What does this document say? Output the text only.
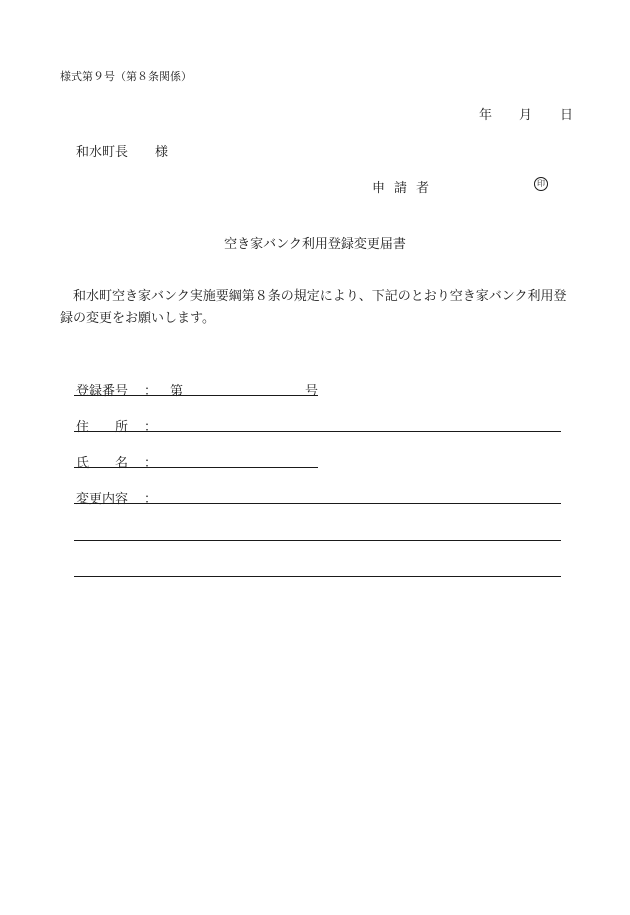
様式第９号（第８条関係）
年 月 日
和水町長 様
申請者	印
空き家バンク利用登録変更届書
和水町空き家バンク実施要綱第８条の規定により、下記のとおり空き家バンク利用登録の変更をお願いします。
登録番号 ： 第	号
住　　所 ：
氏　　名 ：
変更内容 ：
